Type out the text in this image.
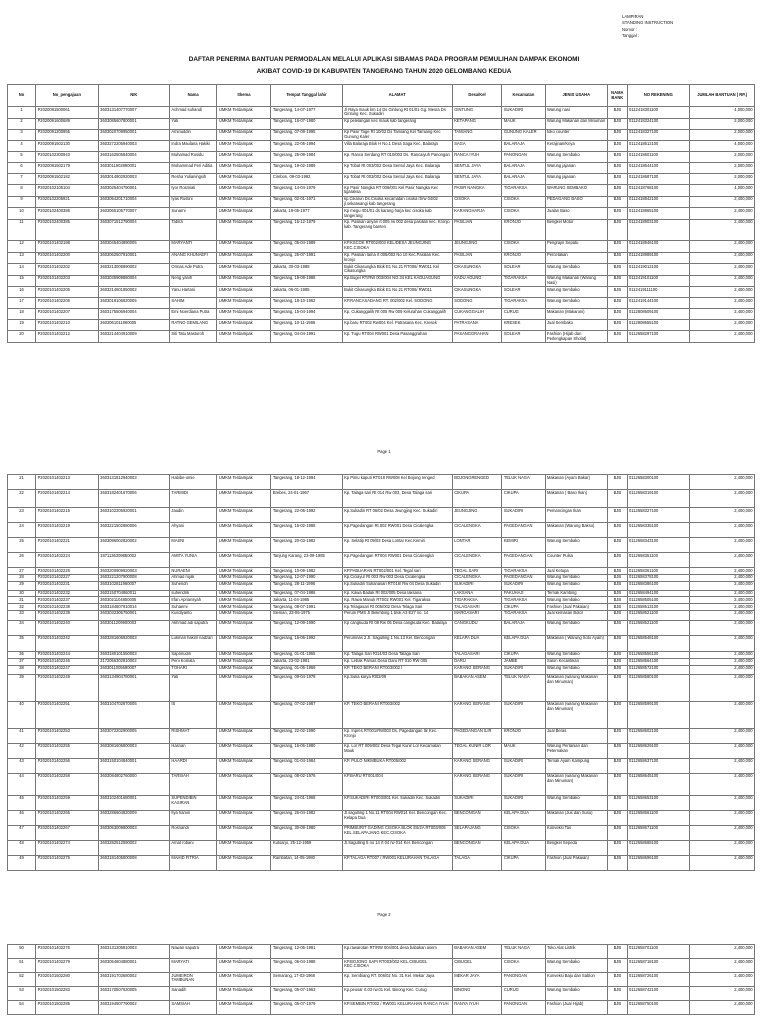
LAMPIRAN
STANDING INSTRUCTION
Nomor :
Tanggal :
DAFTAR PENERIMA BANTUAN PERMODALAN MELALUI APLIKASI SIBAMAS PADA PROGRAM PEMULIHAN DAMPAK EKONOMI
AKIBAT COVID-19 DI KABUPATEN TANGERANG TAHUN 2020 GELOMBANG KEDUA
No	No_pengajuan	NIK	Nama	Skema	Tempat Tanggal lahir	ALAMAT	Desa/Kel	Kecamatan	JENIS USAHA	NAMA BANK	NO REKENING	JUMLAH BANTUAN ( RP.)
1	P2020091500061	3603131407770007	Achmad suhandi	UMKM Terdampak	Tangerang, 14-07-1977	Jl Raya mauk km 14 Ds Gintung Rt 01/01 Gg. Mesra Ds Gintung Kec. Sukadiri	GINTUNG	SUKADIRI	Warung nasi	BJB	0112418301100	4,000,000
2	P2020091600689	3603085607800001	Yati	UMKM Terdampak	Tangerang, 16-07-1980	Kp pelelangan kec mauk kab tangerang	KETAPANG	MAUK	Warung Makanan dan Minuman	BJB	0112418324100	2,000,000
3	P2020091200956	3603020709950001	Aminuddin	UMKM Terdampak	Tangerang, 07-09-1995	Kp Pasir Tage Rt 10/02 Ds Tamiang Kel Tamiang Kec Gunung Kaler	TAMIANG	GUNUNG KALER	toko counter	BJB	0112418327100	2,000,000
4	P2020091502130	3603272205940003	Indra Maulana Hakiki	UMKM Terdampak	Tangerang, 22-05-1994	Villa Balaraja Blok H No.1 Desa Saga Kec. Balaraja	SAGA	BALARAJA	Kerajinan/Kriya	BJB	0112418512100	4,000,000
5	P2020102300943	3603162505840004	Muhamad Rosidu	UMKM Terdampak	Tangerang, 25-09-1984	Kp. Ranca Serdang RT 010/003 Ds. Rancaiyuh Panongan	RANCA IYUH	PANONGAN	Warung Sembako	BJB	0112418601100	2,000,000
6	P2020091502179	3603011902890001	Mohammad Feri Aditia	UMKM Terdampak	Tangerang, 19-02-1989	Kp Tobat Rt 003/002 Desa Sentul Jaya Kec. Balaraja	SENTUL JAYA	BALARAJA	Warung jajanan	BJB	0112418644100	2,000,000
7	P2020091502182	3603014902920003	Resha Yulianingsih	UMKM Terdampak	Cirebon, 09-03-1992	Kp Tobat Rt 003/002 Desa Sentul Jaya Kec. Balaraja	SENTUL JAYA	BALARAJA	Warung jajanan	BJB	0112418687100	2,000,000
8	P3020102105104	3603025404790001	Iyor Rosmiati	UMKM Terdampak	Tangerang, 14-04-1979	Kp Pasir Nangka RT 006/001 Kel Pasir Nangka Kec tigaraksa	PASIR NANGKA	TIGARAKSA	WARUNG SEMBAKO	BJB	0112418768100	4,000,000
9	P2020102205921	3603054201710004	Iyas Rustini	UMKM Terdampak	Tangerang, 02-01-1971	kp.Cikarun Ds.Cisoka kecamatan cisoka rt/rw 04/02 jl.sekarwangi kab tangerang	CISOKA	CISOKA	PEDAGANG BASO	BJB	0112418842100	2,400,000
10	P2020102400386	3603065105770007	Sunarni	UMKM Terdampak	Jakarta, 19-05-1977	Kp megu rt01/01 ds karang harja kec cisoka kab tangerang	KARANGHARJA	CISOKA	Jualan Baso	BJB	0112418865100	2,400,000
11	P2020102400385	3603071512790004	Tabrizi	UMKM Terdampak	Tangerang, 15-12-1979	Kp. Pasilian ariyan rt 005 rw 002 desa pasilian kec. Kronjo kab. Tangerang banten	PASILIAN	KRONJO	Bengkel Motor	BJB	0112418903100	2,400,000
12	P2020101402198	3603045404890005	MARYANTI	UMKM Terdampak	Tangerang, 05-04-1989	KP.KSCOK RT002/003 KEL/DESA JEUNGJING KEC.CISOKA	JEUNGJING	CISOKA	Pengrajin Sepatu	BJB	0112418946100	2,400,000
13	P2020101402200	3603062507910001	ANANG KHUNAEFI	UMKM Terdampak	Tangerang, 25-07-1991	Kp. Pasilian lama rt 005/002 No 10 Kec.Pasilian Kec. kronjo	PASILIAN	KRONJO	Percetakan	BJB	0112418989100	2,400,000
14	P2020101402202	3603213008890002	Ormas Ade Putra	UMKM Terdampak	Jakarta, 30-03-1988	Bukit Cikasungka Blok E1 No.21 RT006/ RW011 Kel Cikasungka	CIKASUNGKA	SOLEAR	Warung Sembako	BJB	0112419012100	2,400,000
15	P2020101402203	3603035909880004	Neng yanih	UMKM Terdampak	Tangerang, 19-09-1988	Kp.Bugel RT/RW 003/004 NO.34 KEL KADUAGUNG	KADU AGUNG	TIGARAKSA	Warung Makanan (Warung Nasi)	BJB	0112419101100	2,400,000
16	P2020101402205	3603214601850002	Yanu Hartani	UMKM Terdampak	Jakarta, 06-01-1985	Bukit Cikasungka Blok E1 No.21 RT006/ RW011	CIKASUNGKA	SOLEAR	Warung Sembako	BJB	0112419111100	2,400,000
17	P2020101402206	3603018106820005	SAHIM	UMKM Terdampak	Tangerang, 18-10-1962	KP.RANCASADANG RT. 002/002 Kel. SODONG	SODONG	TIGARAKSA	Warung Sembako	BJB	0112419144100	2,400,000
18	P2020101402207	3603175506940004	Emi Noerdiana Putra	UMKM Terdampak	Tangerang, 15-04-1994	Kp. Cukanggalih Rt 005 Rw 009 Kelurahan Cukanggalih	CUKANGGALIH	CURUG	Makanan (Makaroni)	BJB	0112808609100	2,400,000
19	P2020101402210	3603061011860005	RATNO GEMILANG	UMKM Terdampak	Tangerang, 10-11-1986	Kp.baru RT002 Rw004 Kel. Patrasana Kec. Kresek	PATRASANA	KRESEK	Jual Sembako	BJB	0112808655100	2,400,000
20	P2020101402212	3603214404910009	Siti Tatu Masturoh	UMKM Terdampak	Tangerang, 04-04-1991	Kp. Tugu RT004 RW001 Desa Pasanggrahan	PASANGGRAHAN	SOLEAR	Fashion (Hijab dan Perlengkapan Sholat)	BJB	0112658297100	2,400,000
Page 1
21	P2020101402213	3603131812940003	Habibe-omie	UMKM Terdampak	Tangerang, 18-12-1994	Kp Pimu kaputi RT018 RW008 Kel Bojong renged	BOJONGRENGED	TELUK NAGA	Makanan (Ayam Bakar)	BJB	0112658300100	2,400,000
22	P2020101402214	3603182401670006	TARMIDI	UMKM Terdampak	Brebes, 24-01-1967	Kp. Talaga sari Rt 014 Rw 003, Desa Talaga sari	CIKUPA	CIKUPA	Makanan ( Baso Ikan)	BJB	0112658319100	2,400,000
23	P2020101402215	3603102205920001	Jaudin	UMKM Terdampak	Tangerang, 22-05-1992	Kp.Sukadiri RT 06/02 Desa Jeungjing Kec. Sukadiri	JEUNGJING	SUKADIRI	Pemancingan Ikan	BJB	0112658327100	2,400,000
24	P2020101402219	3603221502880006	Ahyani	UMKM Terdampak	Tangerang, 15-02-1988	Kp.Pagedangan Rt.002 RW001 Desa Cicalengka	CICALENGKA	PAGEDANGAN	Makanan (Warung Bakso)	BJB	0112658335100	2,400,000
25	P2020101402221	3603096002820002	MASNI	UMKM Terdampak	Tangerang, 20-03-1982	Kp. Selatip Rt 09/03 Desa Lontar Kec.Kemiri	LONTAR	KEMIRI	Warung Sembako	BJB	0112658343100	2,400,000
26	P2020101402224	1871136309850002	AMITA YUNIA	UMKM Terdampak	Tanjung Karang, 23-09-1985	Kp.Pagedangan RT004 RW001 Desa Cicalengka	CICALENGKA	PAGEDANGAN	Counter Pulsa	BJB	0112658351100	2,400,000
27	P2020101402226	3603200909920003	NURAENI	UMKM Terdampak	Tangerang, 10-09-1982	KP.PABUARAN RT002/001 Kel. Tegal sari	TEGAL SARI	TIGARAKSA	Jual Ketupa	BJB	0112658361100	2,400,000
28	P2020101402227	3603221207900008	Ahmad rojak	UMKM Terdampak	Tangerang, 12-07-1990	Kp.Ciciayur Rt 003 Rw 003 Desa Cicalengka	CICALENGKA	PAGEDANGAN	Warung Sembako	BJB	0112658378100	2,400,000
29	P2020101402231	3603102811960007	Suhendri	UMKM Terdampak	Tangerang, 28-11-1996	Kp.Sukadiri Sukanasari RT016/ Rw 04 Desa Sukadiri	SUKADIRI	SUKADIRI	Warung Sembako	BJB	0112658386100	2,400,000
30	P2020101402232	3603150704860011	suhendrik	UMKM Terdampak	Tangerang, 07-04-1986	Kp. Kawa Badak Rt 002/005 Desa laksana	LAKSANA	PAKUHAJI	Ternak Kambing	BJB	0112658494100	2,400,000
31	P2020101402237	3603021104850005	Irfan Apriansyah	UMKM Terdampak	Jakarta, 11-04-1985	Kp. Rawa Manuk RT002 RW001 Kel. Tigaraksa	TIGARAKSA	TIGARAKSA	Warung Sembako	BJB	0112658505100	2,400,000
32	P2020101402238	3603184807910014	Suhaemi	UMKM Terdampak	Tangerang, 08-07-1991	Kp.Telagasari Rt 005/002 Desa Telaga Sari	TALAGASARI	CIKUPA	Fashion (Jual Pakaian)	BJB	0112658513100	2,400,000
33	P2020101402239	3603032306750001	Kusdiyanto	UMKM Terdampak	Sleman, 23-06-1975	Perum PMS Jl Belimbing 1 blok A3 E27 no. 14	MARGASARI	TIGARAKSA	Jual kemasan Botol	BJB	0112658521100	2,400,000
34	P2020101402240	3603011209900003	Akhmad adi saputra	UMKM Terdampak	Tangerang, 12-09-1990	Kp cangkuda Rt 08 Rw 05 Desa cangkuda Kec. Balaraja	CANGKUDU	BALARAJA	Warung Sembako	BJB	0112658521100	2,400,000
35	P2020101402242	3603281606920003	Lukman hakim nadzari	UMKM Terdampak	Tangerang, 16-06-1992	Perumnas 2 Jl. Sagulling 1 No.13 Kel. Bencongan	KELAPA DUA	KELAPA DUA	Makanan ( Warung Soto Ayam)	BJB	0112658548100	2,400,000
36	P2020101402244	3603180101550003	Saprinudin	UMKM Terdampak	Tangerang, 01-01-1955	Kp. Talaga Sari Rt14/03 Desa Talaga Sari	TALAGASARI	CIKUPA	Warung Sembako	BJB	0112658556100	2,400,000
37	P2020101402246	3172056302810002	Peni Komala	UMKM Terdampak	Jakarta, 23-02-1981	Kp. Lebak Parsas Desa Daru RT 010 RW 005	DARU	JAMBE	Salon Kecantikan	BJB	0112658564100	2,400,000
38	P2020101402247	3603011005690007	TOHARI	UMKM Terdampak	Tangerang, 01-05-1969	KP. TEKO BERANI RT003/002 I	KARANG SERANG	SUKADIRI	Warung Sembako	BJB	0112658572100	2,400,000
39	P2020101402249	3603134904780001	Yati	UMKM Terdampak	Tangerang, 09-04-1978	Kp.Suka karya Rt02/09	BABAKAN ASEM	TELUK NAGA	Makanan (warung Makanan dan Minuman)	BJB	0112658580100	2,400,000
40	P2020101402251	3603104702870005	IS	UMKM Terdampak	Tangerang, 07-02-1987	KP. TEKO BERANI RT003/002	KARANG SERANG	SUKADIRI	Makanan (warung Makanan dan Minuman)	BJB	0112658599100	2,400,000
41	P2020101402253	3603072202900005	RISHMAT	UMKM Terdampak	Tangerang, 22-02-1990	Kp. Inpres RT001/RW003 Ds. Pagedangan Ilir Kec. Kronjo	PAGEDANGAN ILIR	KRONJO	Jual Beras	BJB	0112658602100	2,400,000
42	P2020101402255	3603081606800003	Hasnan	UMKM Terdampak	Tangerang, 16-06-1980	Kp. Lor RT 009/002 Desa Tegal Kunir Lor Kecamatan Mauk	TEGAL KUNIR LOR	MAUK	Warung Pertanian dan Peternakan	BJB	0112658629100	2,400,000
43	P2020101402256	3603150104840001	HAARDI	UMKM Terdampak	Tangerang, 01-04-1984	KP. PULO NIKMBUKA RT005/002	KARANG SERANG	SUKADIRI	Ternak Ayam Kampung	BJB	0112658637100	2,400,000
44	P2020101402258	3603084802760000	TARSIAH	UMKM Terdampak	Tangerang, 08-02-1976	KP.BARU RT001/004	KARANG SERANG	SUKADIRI	Makanan (warung Makanan dan Minuman)	BJB	0112658645100	2,400,000
45	P2020101402259	3603102401680001	SUPENDIBIN KASIRAN	UMKM Terdampak	Tangerang, 24-01-1968	KP.SUKADIRI RT003/001 Kel. Sukadiri Kec. Sukadiri	SUKADIRI	SUKADIRI	Warung Sembako	BJB	0112658653100	2,400,000
46	P2020101402265	3603286604820009	Ilya hamin	UMKM Terdampak	Tangerang, 26-04-1982	Jl.sagulling 1 No.11 RT004 RW014 Kel. Bencongan Kec. Kelapa Dua	BENCONGAN	KELAPA DUA	Makanan (Jus dan Susu)	BJB	0112658661100	2,400,000
47	P2020101402267	3603053009800003	Rosnandi	UMKM Terdampak	Tangerang, 30-09-1980	PRIMBURIT GADING CISOKA BLOK E6/2A RT003/005 KEL.SELAPAJANG KEC.CISOKA	SELAPAJANG	CISOKA	Konveksi Tas	BJB	0112658671100	2,400,000
48	P2020101402274	3603282512590002	Amat robani	UMKM Terdampak	Kutoarjo, 25-12-1959	Jl.Sagulling 5 no 14 rt 04 rw 014 Kel. Bencongan	BENCONGAN	KELAPA DUA	Bengkel Sepeda	BJB	0112658688100	2,400,000
49	P2020101402275	3603181405800008	MAHID FITRIA	UMKM Terdampak	Rambatan, 14-05-1980	KP.TALAGA RT007 / RW001 KELURAHAN TALAGA	TALAGA	CIKUPA	Fashion (Jual Pakaian)	BJB	0112658696100	2,400,000
Page 2
50	P2020101402276	3603131205810003	Nawan saputra	UMKM Terdampak	Tangerang, 12-05-1981	Kp.rawarotan RT/RW 004/001 desa babakan asem	BABAKAN ASEM	TELUK NAGA	Toko Alat Listrik	BJB	0112658701100	2,400,000
51	P2020101402279	3603054604880001	MARYATI	UMKM Terdampak	Tangerang, 06-04-1988	KP.BOJONG SAPI RT003/002 KEL.CIBUGEL KEC.CISOKA	CIBUGEL	CISOKA	Warung Sembako	BJB	0112658718100	2,400,000
52	P2020101502280	3603191703680002	JUMEIRON TAMBUNAN	UMKM Terdampak	Semarang, 17-03-1968	Kp. Sembiang RT. 006/02 No. 31 Kel. Mekar Jaya	MEKAR JAYA	PANONGAN	Konveksi Baju dan Sablon	BJB	0112658726100	2,400,000
53	P2020101502283	3603170507630005	Sanadih	UMKM Terdampak	Tangerang, 05-07-1963	Kp.peusar rt.03 rw.01 Kel. Binong Kec. Curug	BINONG	CURUG	Warung Sembako	BJB	0112658742100	2,400,000
54	P2020101502285	3603194507790002	SAMSIAH	UMKM Terdampak	Tangerang, 05-07-1979	KP.SEMBIN RT002 / RW001 KELURAHAN RANCA IYUH	RANYA IYUH	PANONGAN	Fashion (Jual Hijab)	BJB	0112658750100	2,400,000
